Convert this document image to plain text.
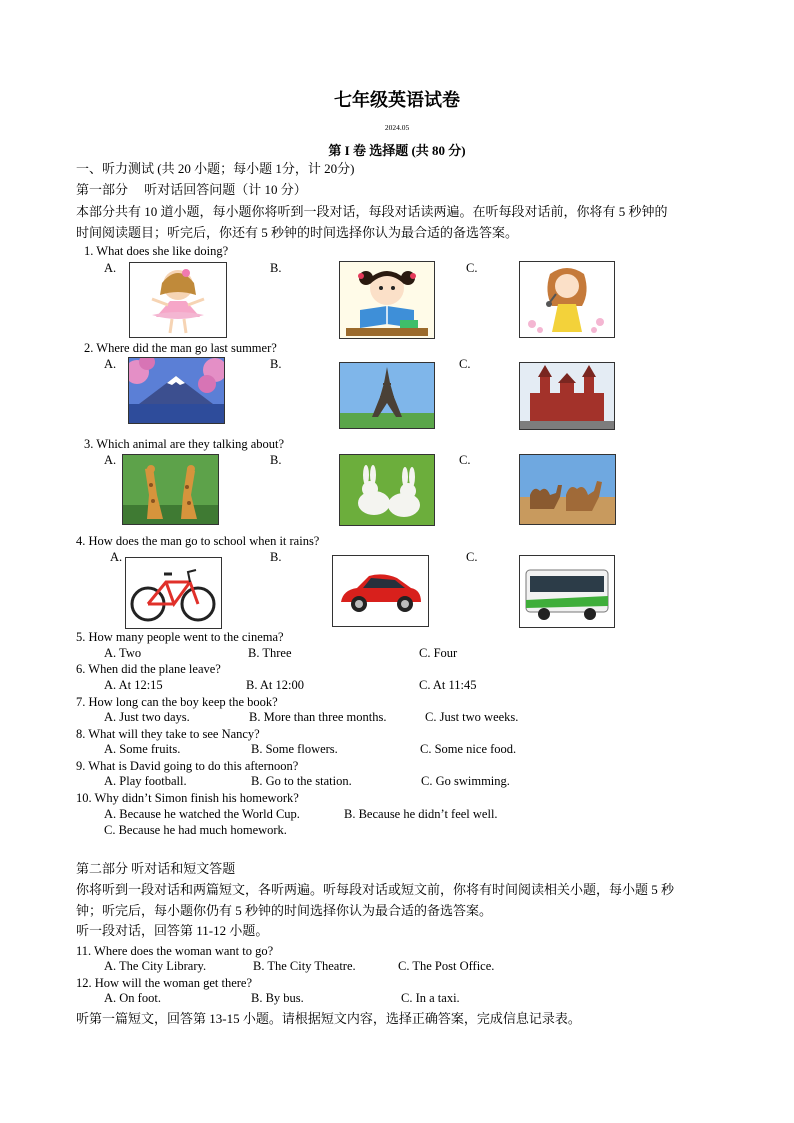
七年级英语试卷
2024.05
第 I 卷 选择题 (共 80 分)
一、听力测试 (共 20 小题；每小题 1分，计 20分)
第一部分　 听对话回答问题（计 10 分）
本部分共有 10 道小题，每小题你将听到一段对话，每段对话读两遍。在听每段对话前，你将有 5 秒钟的
时间阅读题目；听完后，你还有 5 秒钟的时间选择你认为最合适的备选答案。
1. What does she like doing?
A.	B.	C.
2. Where did the man go last summer?
A.	B.	C.
3. Which animal are they talking about?
A.	B.	C.
4. How does the man go to school when it rains?
A.	B.	C.
5. How many people went to the cinema?
A. Two	B. Three	C. Four
6. When did the plane leave?
A. At 12:15	B. At 12:00	C. At 11:45
7. How long can the boy keep the book?
A. Just two days.	B. More than three months.	C. Just two weeks.
8. What will they take to see Nancy?
A. Some fruits.	B. Some flowers.	C. Some nice food.
9. What is David going to do this afternoon?
A. Play football.	B. Go to the station.	C. Go swimming.
10. Why didn’t Simon finish his homework?
A. Because he watched the World Cup.	B. Because he didn’t feel well.
C. Because he had much homework.
第二部分 听对话和短文答题
你将听到一段对话和两篇短文，各听两遍。听每段对话或短文前，你将有时间阅读相关小题，每小题 5 秒
钟；听完后，每小题你仍有 5 秒钟的时间选择你认为最合适的备选答案。
听一段对话，回答第 11-12 小题。
11. Where does the woman want to go?
A. The City Library.	B. The City Theatre.	C. The Post Office.
12. How will the woman get there?
A. On foot.	B. By bus.	C. In a taxi.
听第一篇短文，回答第 13-15 小题。请根据短文内容，选择正确答案，完成信息记录表。
